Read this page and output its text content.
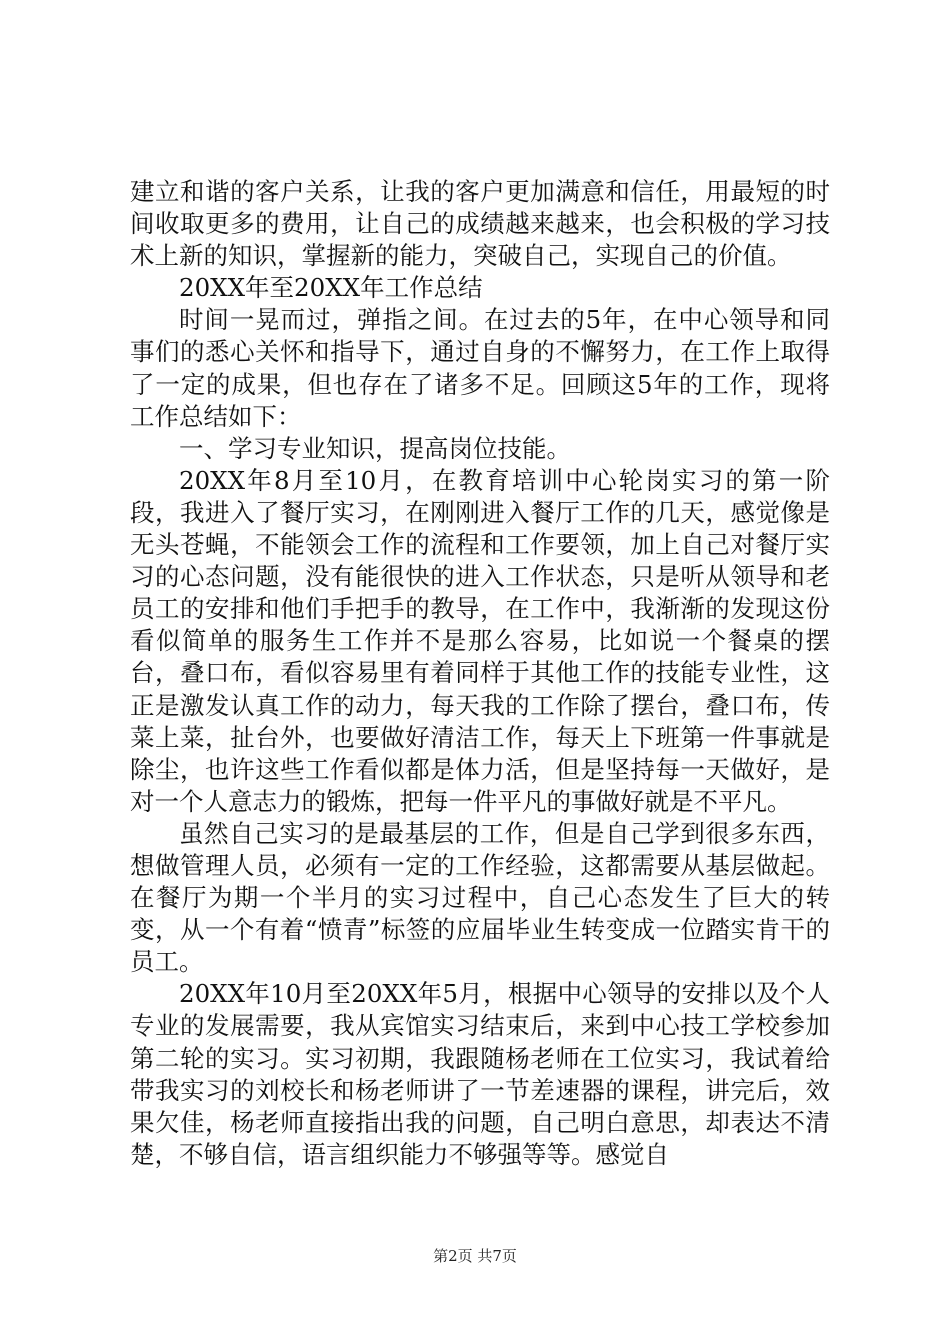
建立和谐的客户关系，让我的客户更加满意和信任，用最短的时间收取更多的费用，让自己的成绩越来越来，也会积极的学习技术上新的知识，掌握新的能力，突破自己，实现自己的价值。

20XX年至20XX年工作总结

时间一晃而过，弹指之间。在过去的5年，在中心领导和同事们的悉心关怀和指导下，通过自身的不懈努力，在工作上取得了一定的成果，但也存在了诸多不足。回顾这5年的工作，现将工作总结如下：

一、学习专业知识，提高岗位技能。

20XX年8月至10月，在教育培训中心轮岗实习的第一阶段，我进入了餐厅实习，在刚刚进入餐厅工作的几天，感觉像是无头苍蝇，不能领会工作的流程和工作要领，加上自己对餐厅实习的心态问题，没有能很快的进入工作状态，只是听从领导和老员工的安排和他们手把手的教导，在工作中，我渐渐的发现这份看似简单的服务生工作并不是那么容易，比如说一个餐桌的摆台，叠口布，看似容易里有着同样于其他工作的技能专业性，这正是激发认真工作的动力，每天我的工作除了摆台，叠口布，传菜上菜，扯台外，也要做好清洁工作，每天上下班第一件事就是除尘，也许这些工作看似都是体力活，但是坚持每一天做好，是对一个人意志力的锻炼，把每一件平凡的事做好就是不平凡。

虽然自己实习的是最基层的工作，但是自己学到很多东西，想做管理人员，必须有一定的工作经验，这都需要从基层做起。在餐厅为期一个半月的实习过程中，自己心态发生了巨大的转变，从一个有着“愤青”标签的应届毕业生转变成一位踏实肯干的员工。

20XX年10月至20XX年5月，根据中心领导的安排以及个人专业的发展需要，我从宾馆实习结束后，来到中心技工学校参加第二轮的实习。实习初期，我跟随杨老师在工位实习，我试着给带我实习的刘校长和杨老师讲了一节差速器的课程，讲完后，效果欠佳，杨老师直接指出我的问题，自己明白意思，却表达不清楚，不够自信，语言组织能力不够强等等。感觉自

第2页 共7页
